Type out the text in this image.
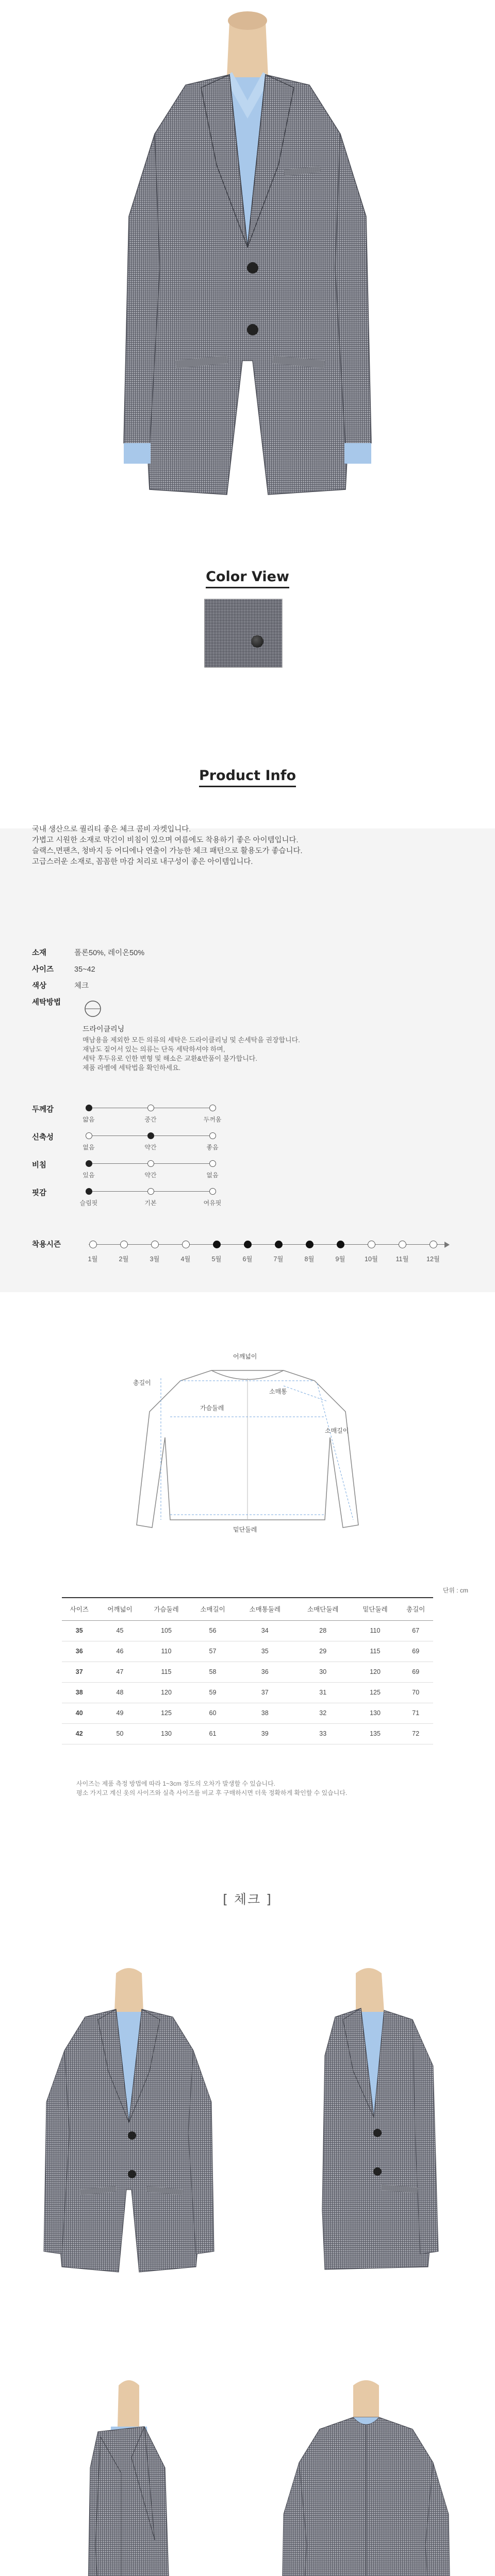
Color View
Product Info
국내 생산으로 퀄리티 좋은 체크 콤비 자켓입니다.
가볍고 시원한 소재로 막긴이 비침이 있으며 여름에도 착용하기 좋은 아이템입니다.
슬랙스,면팬츠, 청바지 등 어디에나 연출이 가능한 체크 패턴으로 활용도가 좋습니다.
고급스러운 소재로, 꼼꼼한 마감 처리로 내구성이 좋은 아이템입니다.
소재	폴론50%, 레이온50%
사이즈	35~42
색상	체크
세탁방법
드라이클리닝
매남용을 제외한 모든 의류의 세탁은 드라이클리닝 및 손세탁을 권장합니다.
재남도 짙어서 있는 의류는 단독 세탁하셔야 하며,
세탁 후두유로 인한 변형 및 해소은 교환&반품이 불가합니다.
제품 라벨에 세탁법을 확인하세요.
두께감
얇음	중간	두꺼움
신축성
없음	약간	좋음
비침
있음	약간	없음
핏감
슬림핏	기본	여유핏
착용시즌
1월	2월	3월	4월	5월	6월	7월	8월	9월	10월	11월	12월
어깨넓이
가슴둘레
소매통
소매길이
총길이
밑단둘레
단위 : cm
사이즈	어깨넓이	가슴둘레	소매길이	소매통둘레	소매단둘레	밑단둘레	총길이
35	45	105	56	34	28	110	67
36	46	110	57	35	29	115	69
37	47	115	58	36	30	120	69
38	48	120	59	37	31	125	70
40	49	125	60	38	32	130	71
42	50	130	61	39	33	135	72
사이즈는 제품 측정 방법에 따라 1~3cm 정도의 오차가 발생할 수 있습니다.
평소 가지고 계신 옷의 사이즈와 실측 사이즈를 비교 후 구매하시면 더욱 정확하게 확인할 수 있습니다.
[ 체크 ]
